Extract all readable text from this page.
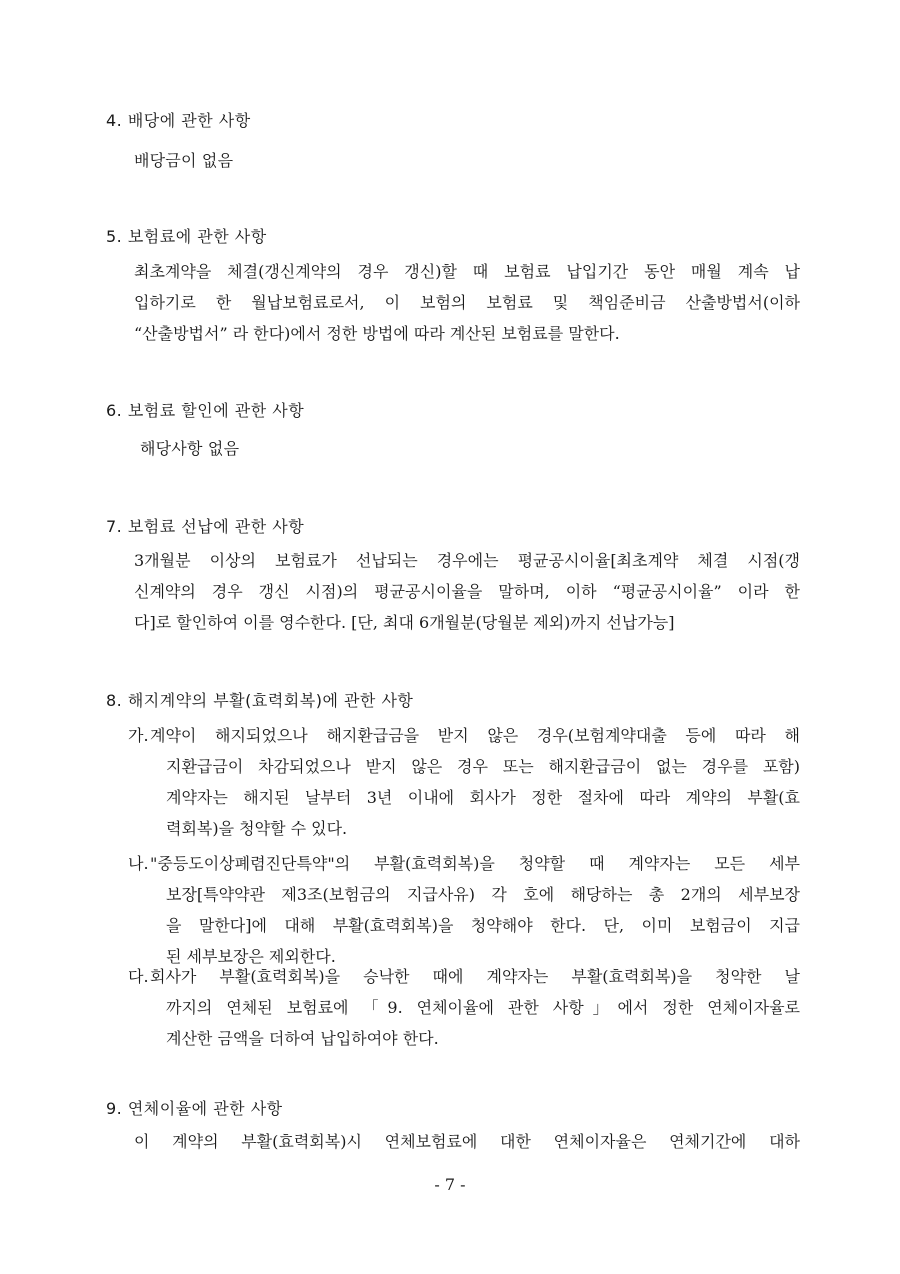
4. 배당에 관한 사항
배당금이 없음
5. 보험료에 관한 사항
최초계약을 체결(갱신계약의 경우 갱신)할 때 보험료 납입기간 동안 매월 계속 납
입하기로 한 월납보험료로서, 이 보험의 보험료 및 책임준비금 산출방법서(이하
“산출방법서” 라 한다)에서 정한 방법에 따라 계산된 보험료를 말한다.
6. 보험료 할인에 관한 사항
해당사항 없음
7. 보험료 선납에 관한 사항
3개월분 이상의 보험료가 선납되는 경우에는 평균공시이율[최초계약 체결 시점(갱
신계약의 경우 갱신 시점)의 평균공시이율을 말하며, 이하 “평균공시이율” 이라 한
다]로 할인하여 이를 영수한다. [단, 최대 6개월분(당월분 제외)까지 선납가능]
8. 해지계약의 부활(효력회복)에 관한 사항
가. 계약이 해지되었으나 해지환급금을 받지 않은 경우(보험계약대출 등에 따라 해
지환급금이 차감되었으나 받지 않은 경우 또는 해지환급금이 없는 경우를 포함)
계약자는 해지된 날부터 3년 이내에 회사가 정한 절차에 따라 계약의 부활(효
력회복)을 청약할 수 있다.
나. "중등도이상폐렴진단특약"의 부활(효력회복)을 청약할 때 계약자는 모든 세부
보장[특약약관 제3조(보험금의 지급사유) 각 호에 해당하는 총 2개의 세부보장
을 말한다]에 대해 부활(효력회복)을 청약해야 한다. 단, 이미 보험금이 지급
된 세부보장은 제외한다.
다. 회사가 부활(효력회복)을 승낙한 때에 계약자는 부활(효력회복)을 청약한 날
까지의 연체된 보험료에 「9. 연체이율에 관한 사항」에서 정한 연체이자율로
계산한 금액을 더하여 납입하여야 한다.
9. 연체이율에 관한 사항
이 계약의 부활(효력회복)시 연체보험료에 대한 연체이자율은 연체기간에 대하
- 7 -
